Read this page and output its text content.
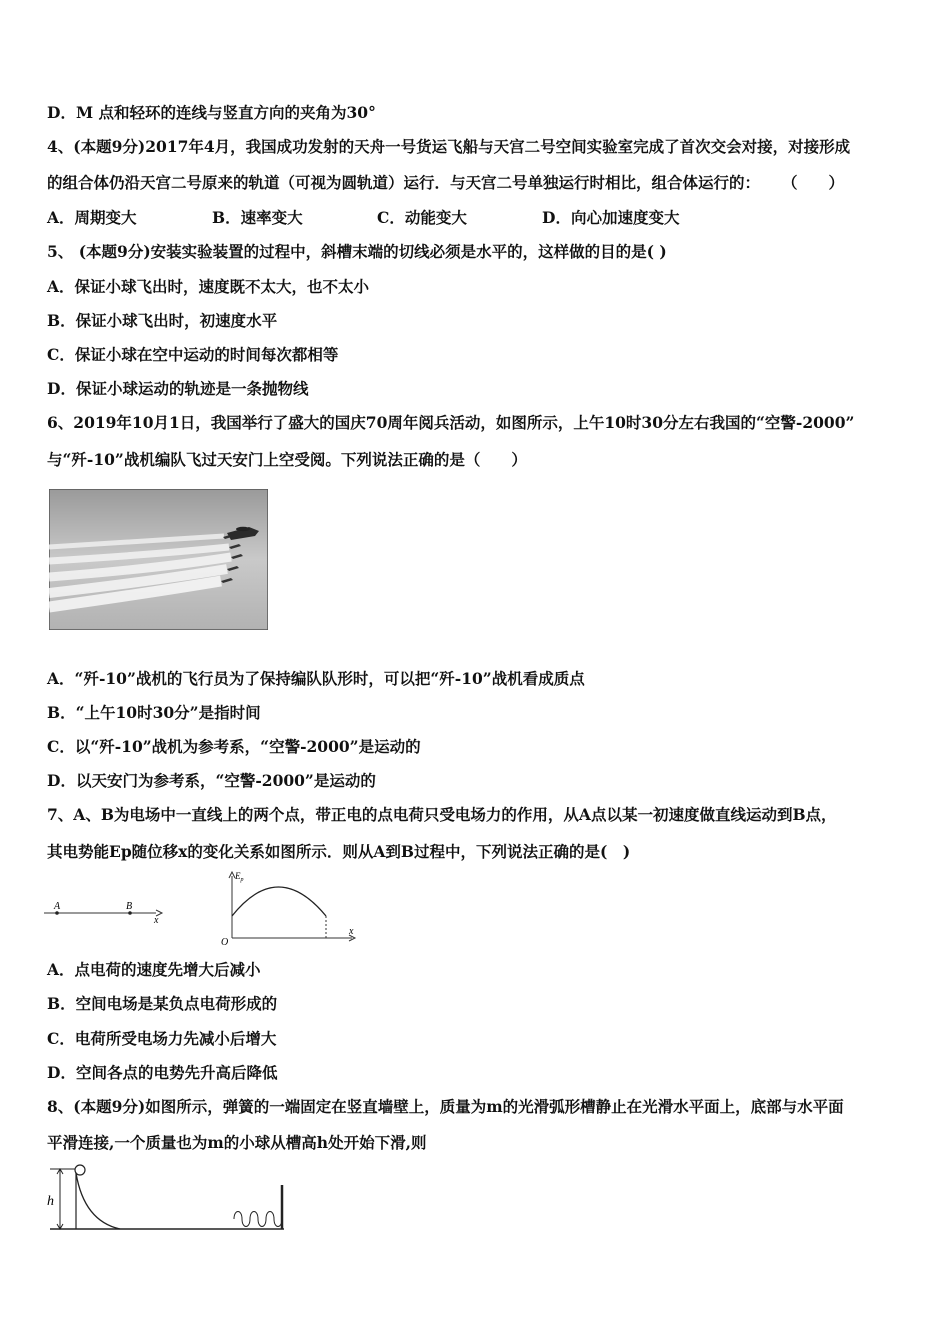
D．M 点和轻环的连线与竖直方向的夹角为30°
4、(本题9分)2017年4月，我国成功发射的天舟一号货运飞船与天宫二号空间实验室完成了首次交会对接，对接形成
的组合体仍沿天宫二号原来的轨道（可视为圆轨道）运行．与天宫二号单独运行时相比，组合体运行的： （　　）
A．周期变大	B．速率变大	C．动能变大	D．向心加速度变大
5、 (本题9分)安装实验装置的过程中，斜槽末端的切线必须是水平的，这样做的目的是( )
A．保证小球飞出时，速度既不太大，也不太小
B．保证小球飞出时，初速度水平
C．保证小球在空中运动的时间每次都相等
D．保证小球运动的轨迹是一条抛物线
6、2019年10月1日，我国举行了盛大的国庆70周年阅兵活动，如图所示，上午10时30分左右我国的“空警-2000”
与“歼-10”战机编队飞过天安门上空受阅。下列说法正确的是（　　）
A．“歼-10”战机的飞行员为了保持编队队形时，可以把“歼-10”战机看成质点
B．“上午10时30分”是指时间
C．以“歼-10”战机为参考系，“空警-2000”是运动的
D．以天安门为参考系，“空警-2000”是运动的
7、A、B为电场中一直线上的两个点，带正电的点电荷只受电场力的作用，从A点以某一初速度做直线运动到B点，
其电势能Ep随位移x的变化关系如图所示．则从A到B过程中，下列说法正确的是(　)
A	B
x
$E_p$
O
x
A．点电荷的速度先增大后减小
B．空间电场是某负点电荷形成的
C．电荷所受电场力先减小后增大
D．空间各点的电势先升高后降低
8、(本题9分)如图所示，弹簧的一端固定在竖直墙壁上，质量为m的光滑弧形槽静止在光滑水平面上，底部与水平面
平滑连接,一个质量也为m的小球从槽高h处开始下滑,则
h
